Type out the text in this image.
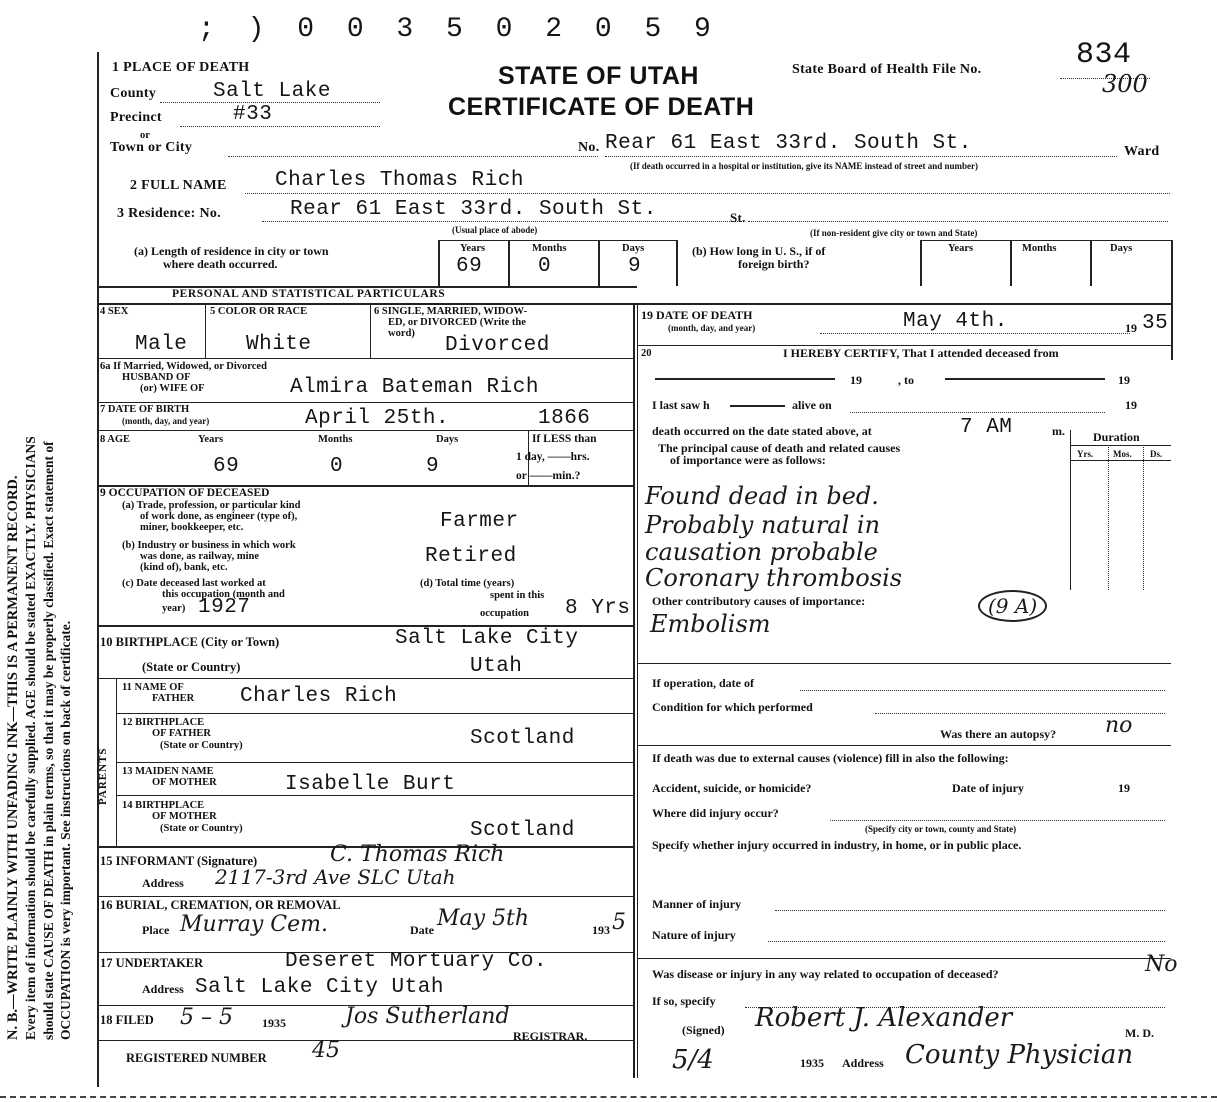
; ) 0 0 3 5 0 2 0 5 9
STATE OF UTAH
CERTIFICATE OF DEATH
State Board of Health File No.	834
300
N. B.—WRITE PLAINLY WITH UNFADING INK—THIS IS A PERMANENT RECORD. Every item of information should be carefully supplied. AGE should be stated EXACTLY. PHYSICIANS should state CAUSE OF DEATH in plain terms, so that it may be properly classified. Exact statement of OCCUPATION is very important. See instructions on back of certificate.
1 PLACE OF DEATH
County	Salt Lake
Precinct	#33
or
Town or City	No. Rear 61 East 33rd. South St.	Ward
(If death occurred in a hospital or institution, give its NAME instead of street and number)
2 FULL NAME Charles Thomas Rich
3 Residence: No.	Rear 61 East 33rd. South St.	St.
(Usual place of abode)	(If non-resident give city or town and State)
(a) Length of residence in city or town
where death occurred.
Years	Months	Days
69	0	9
(b) How long in U. S., if of
foreign birth?
Years	Months	Days
PERSONAL AND STATISTICAL PARTICULARS
4 SEX
Male
5 COLOR OR RACE
White
6 SINGLE, MARRIED, WIDOW-
ED, or DIVORCED (Write the
word)
Divorced
6a If Married, Widowed, or Divorced
HUSBAND OF
(or) WIFE OF	Almira Bateman Rich
7 DATE OF BIRTH
(month, day, and year)	April 25th.	1866
8 AGE	Years	Months	Days
69	0	9
If LESS than
1 day, ——hrs.
or ——min.?
9 OCCUPATION OF DECEASED
(a) Trade, profession, or particular kind
of work done, as engineer (type of),
miner, bookkeeper, etc.	Farmer
(b) Industry or business in which work
was done, as railway, mine
(kind of), bank, etc.	Retired
(c) Date deceased last worked at
this occupation (month and
year) 1927
(d) Total time (years)
spent in this
occupation 8 Yrs
10 BIRTHPLACE (City or Town)	Salt Lake City
(State or Country)	Utah
PARENTS
11 NAME OF
FATHER Charles Rich
12 BIRTHPLACE
OF FATHER
(State or Country)	Scotland
13 MAIDEN NAME
OF MOTHER	Isabelle Burt
14 BIRTHPLACE
OF MOTHER
(State or Country)	Scotland
15 INFORMANT (Signature)	C. Thomas Rich
Address 2117-3rd Ave SLC Utah
16 BURIAL, CREMATION, OR REMOVAL
Place Murray Cem.	Date May 5th	193 5
17 UNDERTAKER	Deseret Mortuary Co.
Address Salt Lake City Utah
18 FILED 5 – 5 1935	Jos Sutherland
REGISTRAR.
REGISTERED NUMBER 45
19 DATE OF DEATH
(month, day, and year)	May 4th.	19 35
20	I HEREBY CERTIFY, That I attended deceased from
19	, to	19
I last saw h	alive on	19
death occurred on the date stated above, at	7 AM	m. Duration
The principal cause of death and related causes
of importance were as follows:	Yrs. Mos. Ds.
Found dead in bed.
Probably natural in
causation probable
Coronary thrombosis
Other contributory causes of importance:
Embolism
(9 A)
If operation, date of
Condition for which performed
Was there an autopsy? no
If death was due to external causes (violence) fill in also the following:
Accident, suicide, or homicide?	Date of injury	19
Where did injury occur?
(Specify city or town, county and State)
Specify whether injury occurred in industry, in home, or in public place.
Manner of injury
Nature of injury
Was disease or injury in any way related to occupation of deceased?	No
If so, specify
(Signed) Robert J. Alexander	M. D.
5/4	1935 Address County Physician
